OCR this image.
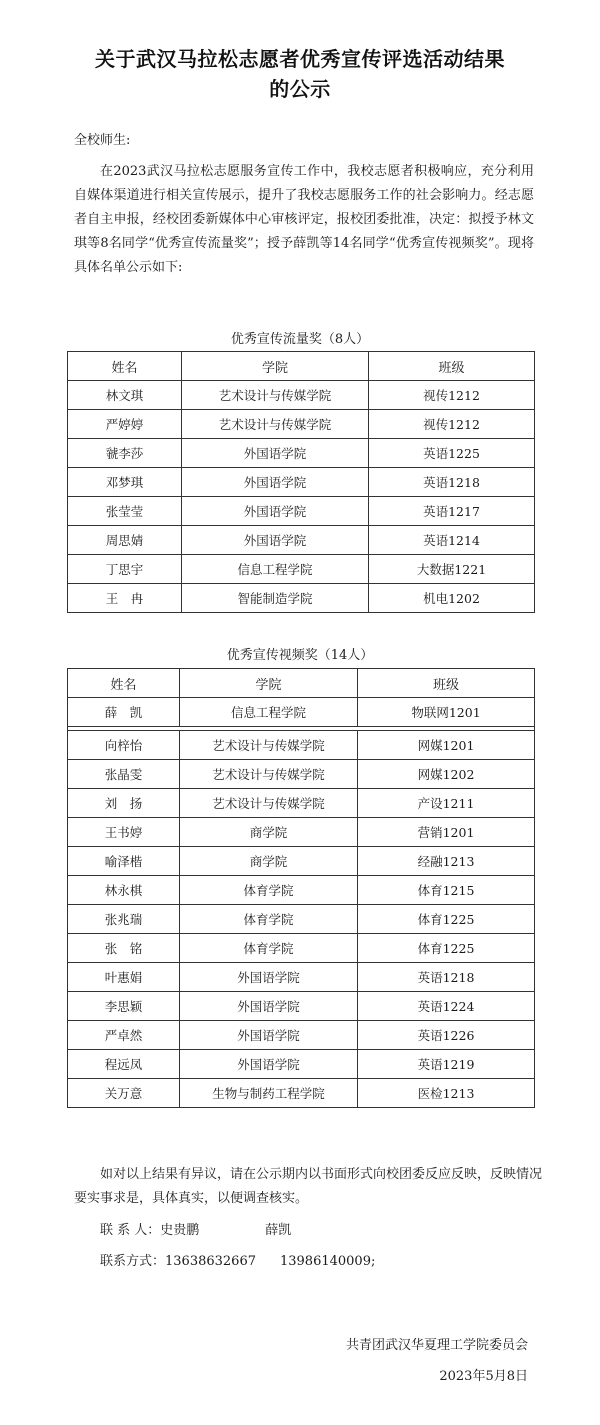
关于武汉马拉松志愿者优秀宣传评选活动结果
的公示
全校师生:

在2023武汉马拉松志愿服务宣传工作中，我校志愿者积极响应，充分利用自媒体渠道进行相关宣传展示，提升了我校志愿服务工作的社会影响力。经志愿者自主申报，经校团委新媒体中心审核评定，报校团委批准，决定：拟授予林文琪等8名同学“优秀宣传流量奖”；授予薛凯等14名同学“优秀宣传视频奖”。现将具体名单公示如下:

优秀宣传流量奖（8人）
姓名	学院	班级
林文琪	艺术设计与传媒学院	视传1212
严婷婷	艺术设计与传媒学院	视传1212
虢李莎	外国语学院	英语1225
邓梦琪	外国语学院	英语1218
张莹莹	外国语学院	英语1217
周思婧	外国语学院	英语1214
丁思宇	信息工程学院	大数据1221
王　冉	智能制造学院	机电1202
优秀宣传视频奖（14人）
姓名	学院	班级
薛　凯	信息工程学院	物联网1201

向梓怡	艺术设计与传媒学院	网媒1201
张晶雯	艺术设计与传媒学院	网媒1202
刘　扬	艺术设计与传媒学院	产设1211
王书婷	商学院	营销1201
喻泽楷	商学院	经融1213
林永棋	体育学院	体育1215
张兆瑞	体育学院	体育1225
张　铭	体育学院	体育1225
叶惠娟	外国语学院	英语1218
李思颖	外国语学院	英语1224
严卓然	外国语学院	英语1226
程远凤	外国语学院	英语1219
关万意	生物与制药工程学院	医检1213

如对以上结果有异议，请在公示期内以书面形式向校团委反应反映，反映情况要实事求是，具体真实，以便调查核实。

联 系 人：史贵鹏	薛凯
联系方式：13638632667 13986140009;
共青团武汉华夏理工学院委员会
2023年5月8日
